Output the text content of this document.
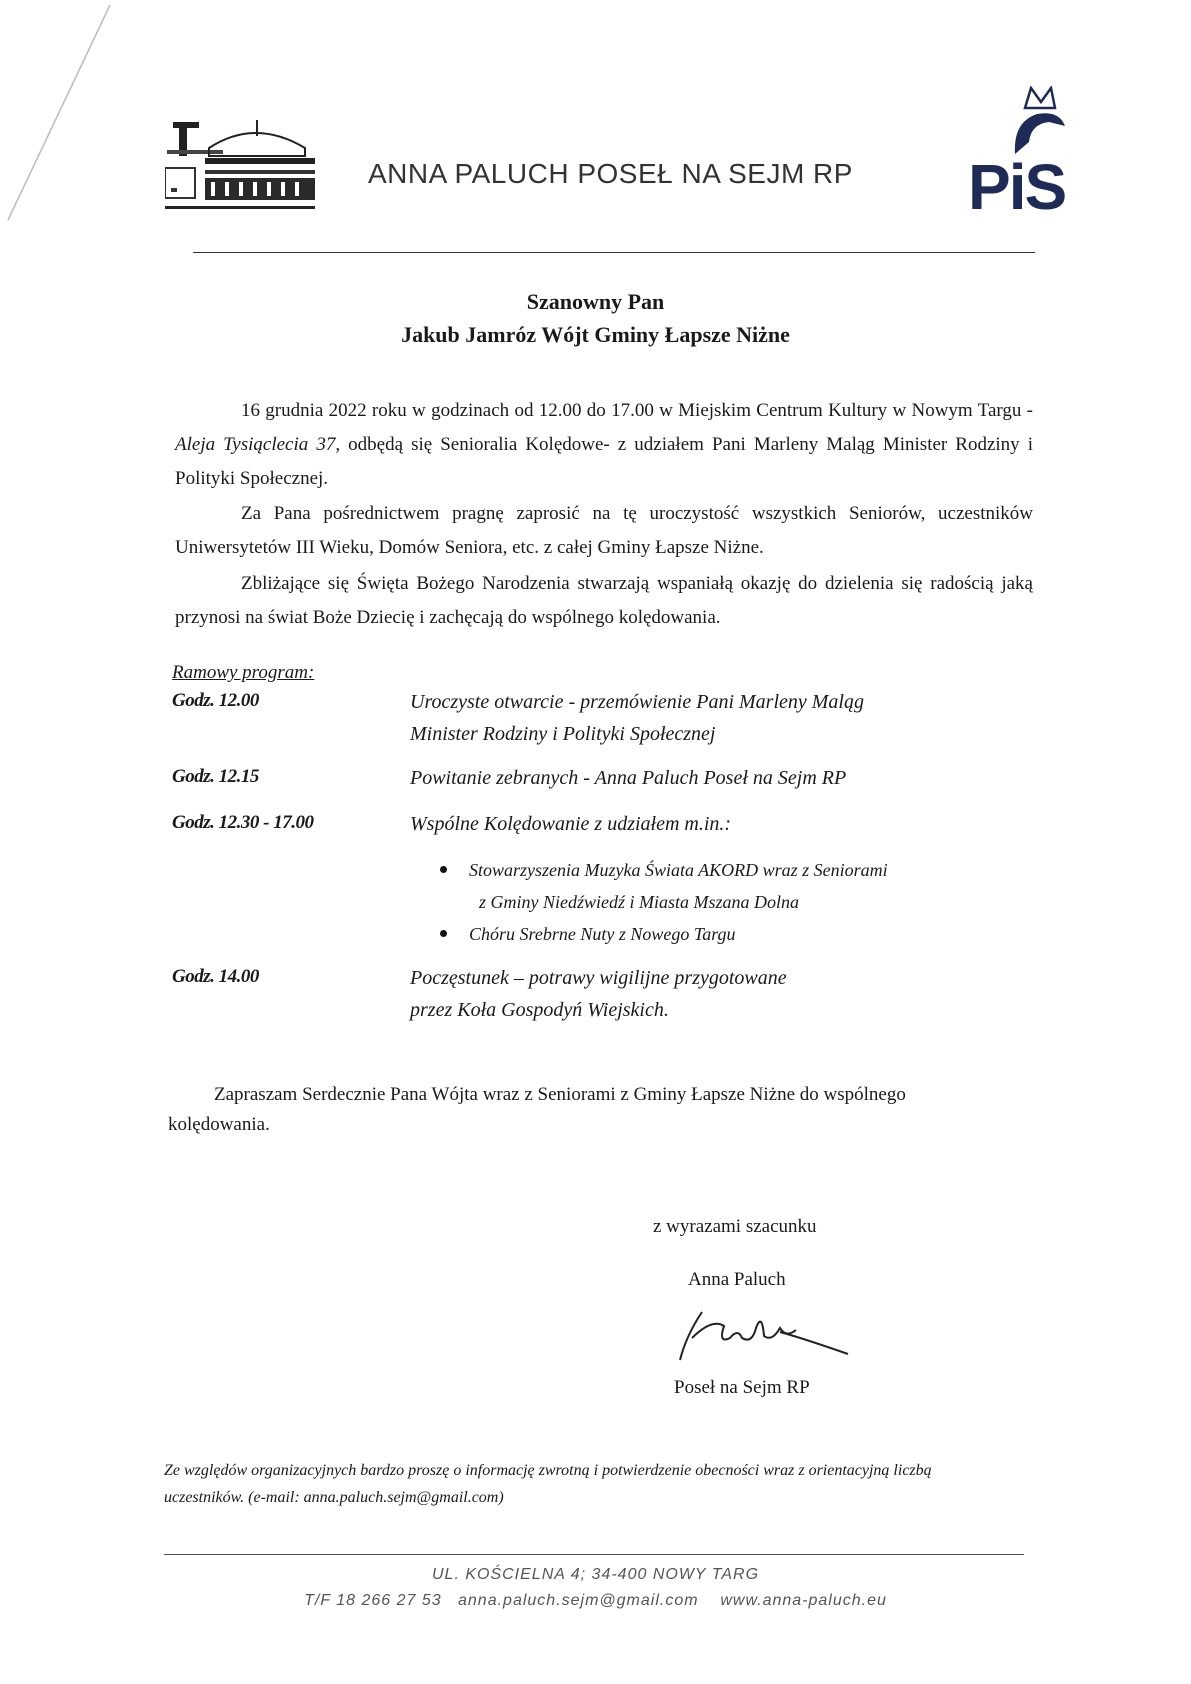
ANNA PALUCH POSEŁ NA SEJM RP PiS
Szanowny Pan
Jakub Jamróz Wójt Gminy Łapsze Niżne
16 grudnia 2022 roku w godzinach od 12.00 do 17.00 w Miejskim Centrum Kultury w Nowym Targu - Aleja Tysiąclecia 37, odbędą się Senioralia Kolędowe- z udziałem Pani Marleny Maląg Minister Rodziny i Polityki Społecznej.
Za Pana pośrednictwem pragnę zaprosić na tę uroczystość wszystkich Seniorów, uczestników Uniwersytetów III Wieku, Domów Seniora, etc. z całej Gminy Łapsze Niżne.
Zbliżające się Święta Bożego Narodzenia stwarzają wspaniałą okazję do dzielenia się radością jaką przynosi na świat Boże Dziecię i zachęcają do wspólnego kolędowania.
Ramowy program:
Godz. 12.00	Uroczyste otwarcie - przemówienie Pani Marleny Maląg
Minister Rodziny i Polityki Społecznej
Godz. 12.15	Powitanie zebranych - Anna Paluch Poseł na Sejm RP
Godz. 12.30 - 17.00	Wspólne Kolędowanie z udziałem m.in.:
Stowarzyszenia Muzyka Świata AKORD wraz z Seniorami
z Gminy Niedźwiedź i Miasta Mszana Dolna
Chóru Srebrne Nuty z Nowego Targu
Godz. 14.00	Poczęstunek – potrawy wigilijne przygotowane
przez Koła Gospodyń Wiejskich.
Zapraszam Serdecznie Pana Wójta wraz z Seniorami z Gminy Łapsze Niżne do wspólnego kolędowania.
z wyrazami szacunku
Anna Paluch
Poseł na Sejm RP
Ze względów organizacyjnych bardzo proszę o informację zwrotną i potwierdzenie obecności wraz z orientacyjną liczbą uczestników. (e-mail: anna.paluch.sejm@gmail.com)
UL. KOŚCIELNA 4; 34-400 NOWY TARG
T/F 18 266 27 53   anna.paluch.sejm@gmail.com    www.anna-paluch.eu
